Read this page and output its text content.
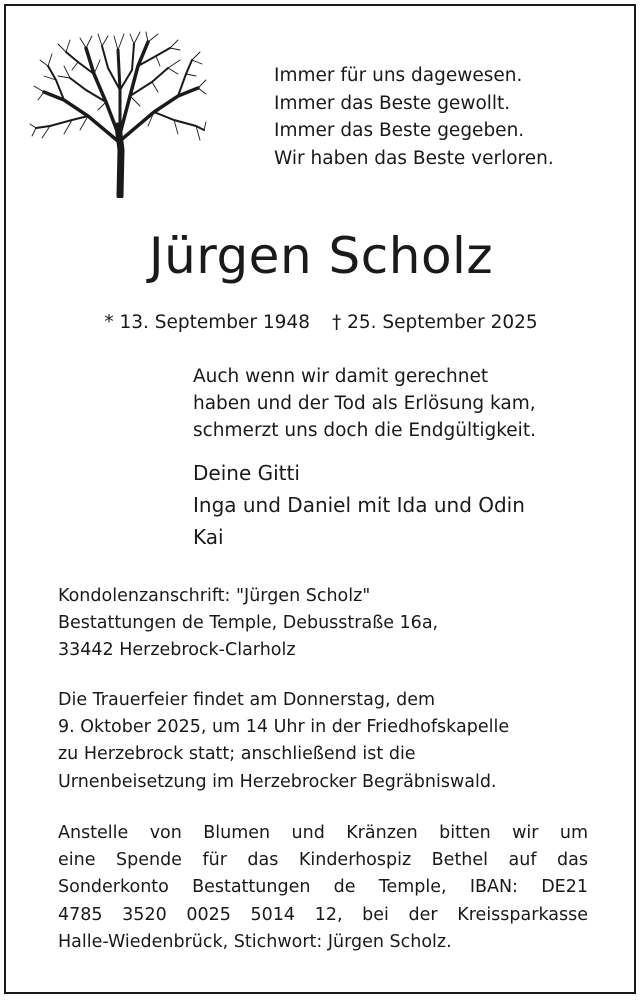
Immer für uns dagewesen.
Immer das Beste gewollt.
Immer das Beste gegeben.
Wir haben das Beste verloren.
Jürgen Scholz
* 13. September 1948 † 25. September 2025
Auch wenn wir damit gerechnet
haben und der Tod als Erlösung kam,
schmerzt uns doch die Endgültigkeit.
Deine Gitti
Inga und Daniel mit Ida und Odin
Kai
Kondolenzanschrift: "Jürgen Scholz"
Bestattungen de Temple, Debusstraße 16a,
33442 Herzebrock-Clarholz
Die Trauerfeier findet am Donnerstag, dem
9. Oktober 2025, um 14 Uhr in der Friedhofskapelle
zu Herzebrock statt; anschließend ist die
Urnenbeisetzung im Herzebrocker Begräbniswald.
Anstelle von Blumen und Kränzen bitten wir um
eine Spende für das Kinderhospiz Bethel auf das
Sonderkonto Bestattungen de Temple, IBAN: DE21
4785 3520 0025 5014 12, bei der Kreissparkasse
Halle-Wiedenbrück, Stichwort: Jürgen Scholz.
